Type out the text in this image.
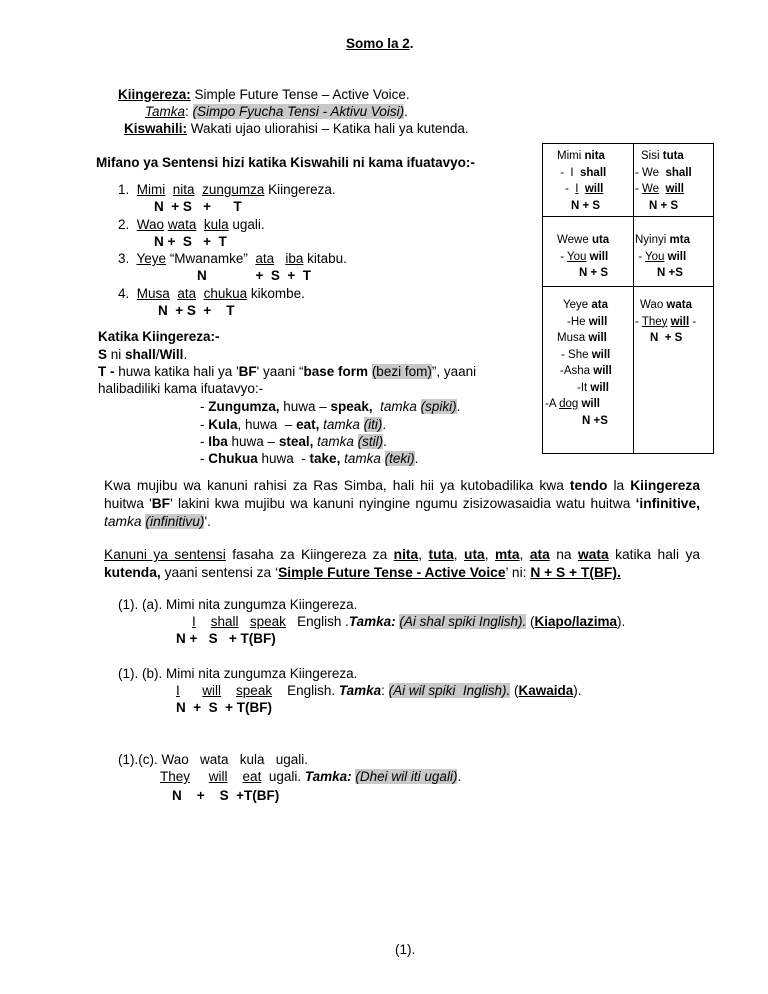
Somo la 2.
Kiingereza: Simple Future Tense – Active Voice.
Tamka: (Simpo Fyucha Tensi - Aktivu Voisi).
Kiswahili: Wakati ujao uliorahisi – Katika hali ya kutenda.
Mifano ya Sentensi hizi katika Kiswahili ni kama ifuatavyo:-
1. Mimi nita zungumza Kiingereza.
N  + S   +      T
2. Wao wata kula ugali.
N +  S   +  T
3. Yeye “Mwanamke”  ata iba kitabu.
N             +  S  +  T
4. Musa ata chukua kikombe.
N  + S  +    T
Katika Kiingereza:-
S ni shall/Will.
T - huwa katika hali ya 'BF' yaani “base form (bezi fom)”, yaani
halibadiliki kama ifuatavyo:-
- Zungumza, huwa – speak, tamka (spiki).
- Kula, huwa  – eat, tamka (iti).
- Iba huwa – steal, tamka (stil).
- Chukua huwa  - take, tamka (teki).
Mimi nita
-  I  shall
-  I will
N + S
Sisi tuta
- We  shall
- We will
N + S
Wewe uta
- You will
N + S
Nyinyi mta
- You will
N +S
Yeye ata
-He will
Musa will
- She will
-Asha will
-It will
-A dog will
N +S
Wao wata
- They will -
N  + S
Kwa mujibu wa kanuni rahisi za Ras Simba, hali hii ya kutobadilika kwa tendo la Kiingereza huitwa 'BF' lakini kwa mujibu wa kanuni nyingine ngumu zisizowasaidia watu huitwa ‘infinitive, tamka (infinitivu)'.
Kanuni ya sentensi fasaha za Kiingereza za nita, tuta, uta, mta, ata na wata katika hali ya kutenda, yaani sentensi za ‘Simple Future Tense - Active Voice’ ni: N + S + T(BF).
(1). (a). Mimi nita zungumza Kiingereza.
I shall speak   English .Tamka: (Ai shal spiki Inglish). (Kiapo/lazima).
N +   S   + T(BF)
(1). (b). Mimi nita zungumza Kiingereza.
I will speak    English. Tamka: (Ai wil spiki  Inglish). (Kawaida).
N  +  S  + T(BF)
(1).(c). Wao   wata   kula   ugali.
They will eat  ugali. Tamka: (Dhei wil iti ugali).
N    +    S  +T(BF)
(1).
